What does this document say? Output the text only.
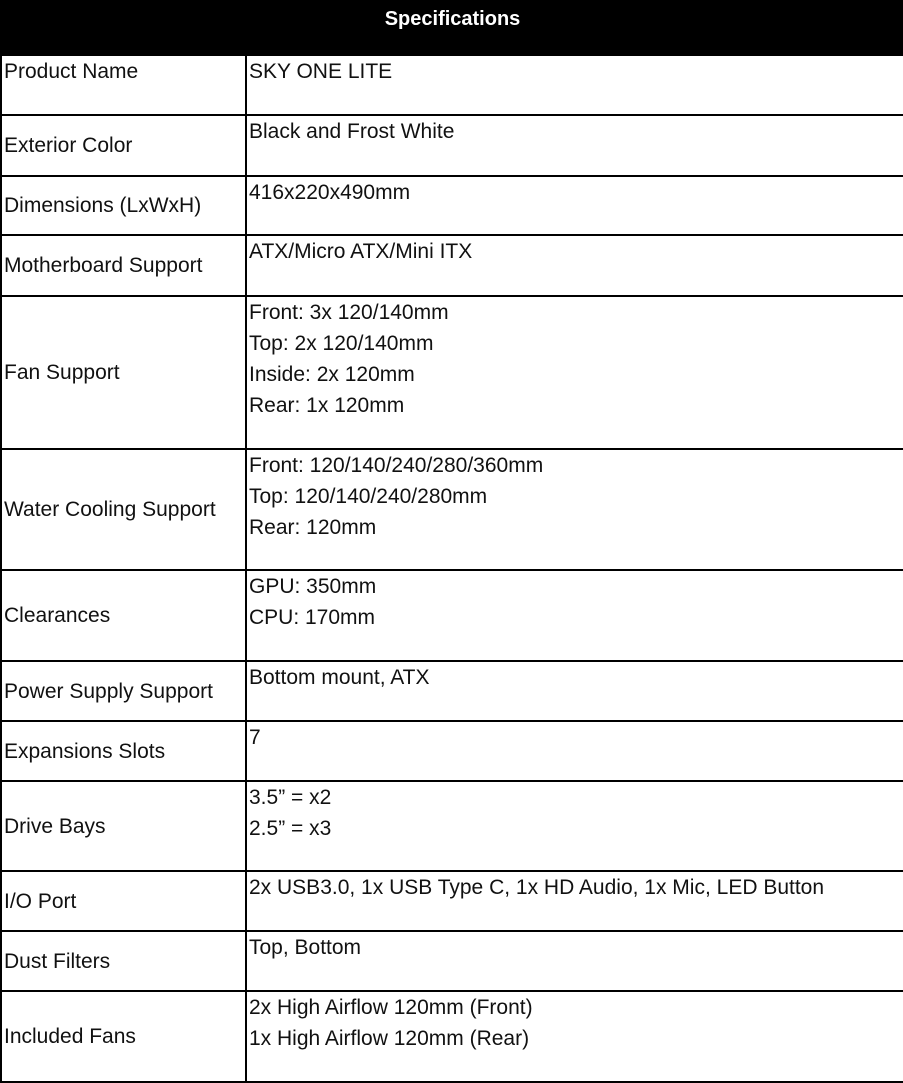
Specifications	
Product Name	SKY ONE LITE

Exterior Color	Black and Frost White

Dimensions (LxWxH)	416x220x490mm

Motherboard Support	ATX/Micro ATX/Mini ITX

Fan Support	Front: 3x 120/140mm
Top: 2x 120/140mm
Inside: 2x 120mm
Rear: 1x 120mm

Water Cooling Support	Front: 120/140/240/280/360mm
Top: 120/140/240/280mm
Rear: 120mm

Clearances	GPU: 350mm
CPU: 170mm

Power Supply Support	Bottom mount, ATX

Expansions Slots	7

Drive Bays	3.5” = x2
2.5” = x3

I/O Port	2x USB3.0, 1x USB Type C, 1x HD Audio, 1x Mic, LED Button

Dust Filters	Top, Bottom

Included Fans	2x High Airflow 120mm (Front)
1x High Airflow 120mm (Rear)
